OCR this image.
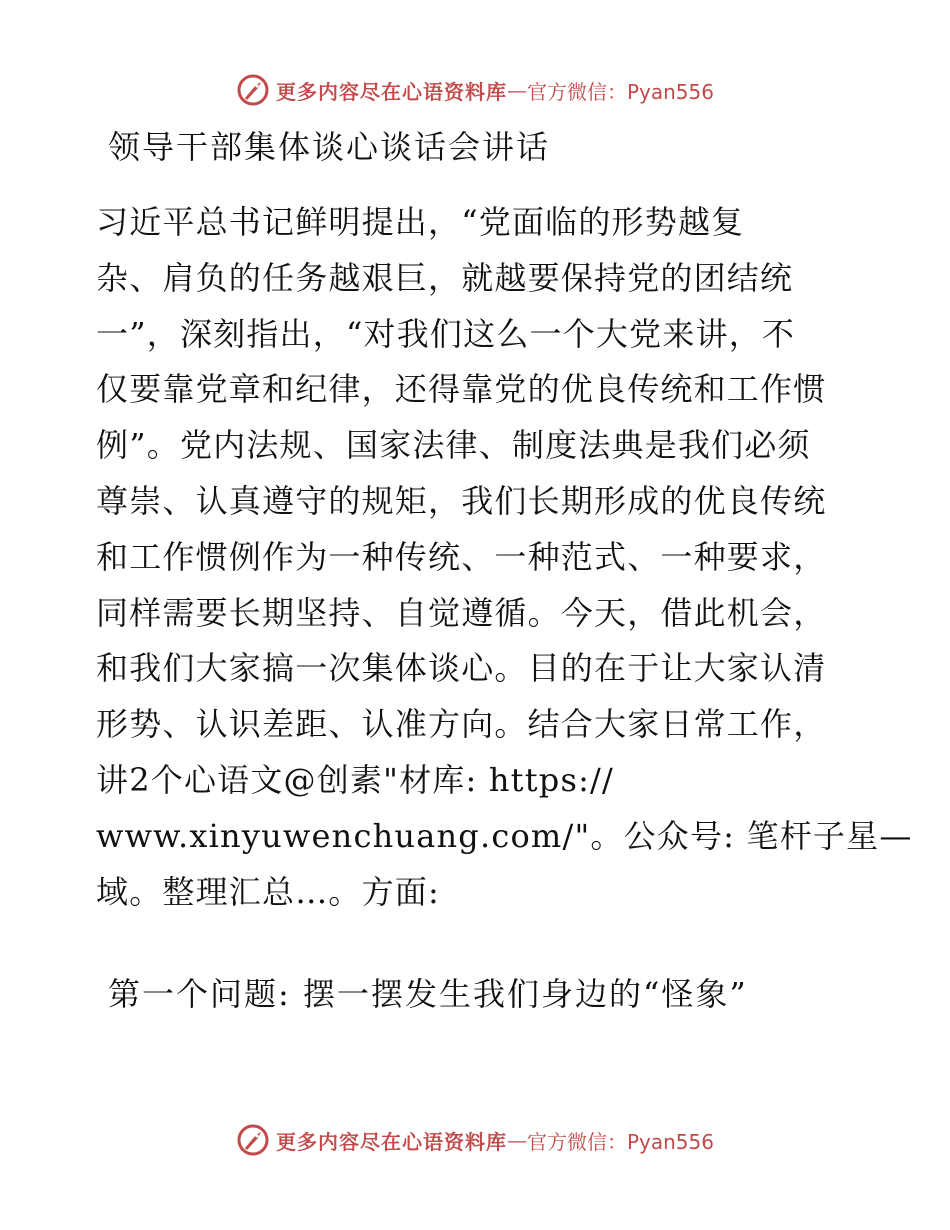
更多内容尽在心语资料库 — 官方微信：Pyan556
领导干部集体谈心谈话会讲话
习近平总书记鲜明提出，“党面临的形势越复
杂、肩负的任务越艰巨，就越要保持党的团结统
一”，深刻指出，“对我们这么一个大党来讲，不
仅要靠党章和纪律，还得靠党的优良传统和工作惯
例”。党内法规、国家法律、制度法典是我们必须
尊崇、认真遵守的规矩，我们长期形成的优良传统
和工作惯例作为一种传统、一种范式、一种要求，
同样需要长期坚持、自觉遵循。今天，借此机会，
和我们大家搞一次集体谈心。目的在于让大家认清
形势、认识差距、认准方向。结合大家日常工作，
讲2个心语文@创素"材库: https://
www.xinyuwenchuang.com/"。公众号: 笔杆子星—
域。整理汇总…。方面:
第一个问题: 摆一摆发生我们身边的“怪象”
更多内容尽在心语资料库 — 官方微信：Pyan556
